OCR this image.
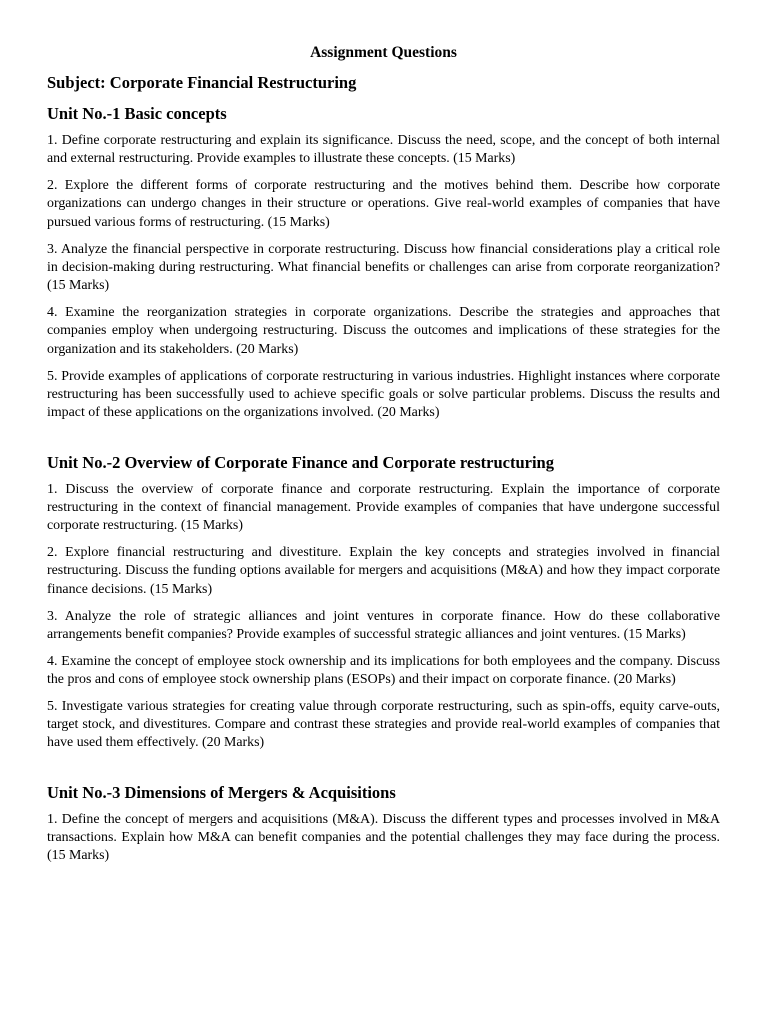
Assignment Questions
Subject: Corporate Financial Restructuring
Unit No.-1 Basic concepts

1. Define corporate restructuring and explain its significance. Discuss the need, scope, and the concept of both internal and external restructuring. Provide examples to illustrate these concepts. (15 Marks)

2. Explore the different forms of corporate restructuring and the motives behind them. Describe how corporate organizations can undergo changes in their structure or operations. Give real-world examples of companies that have pursued various forms of restructuring. (15 Marks)

3. Analyze the financial perspective in corporate restructuring. Discuss how financial considerations play a critical role in decision-making during restructuring. What financial benefits or challenges can arise from corporate reorganization? (15 Marks)

4. Examine the reorganization strategies in corporate organizations. Describe the strategies and approaches that companies employ when undergoing restructuring. Discuss the outcomes and implications of these strategies for the organization and its stakeholders. (20 Marks)

5. Provide examples of applications of corporate restructuring in various industries. Highlight instances where corporate restructuring has been successfully used to achieve specific goals or solve particular problems. Discuss the results and impact of these applications on the organizations involved. (20 Marks)

Unit No.-2 Overview of Corporate Finance and Corporate restructuring

1. Discuss the overview of corporate finance and corporate restructuring. Explain the importance of corporate restructuring in the context of financial management. Provide examples of companies that have undergone successful corporate restructuring. (15 Marks)

2. Explore financial restructuring and divestiture. Explain the key concepts and strategies involved in financial restructuring. Discuss the funding options available for mergers and acquisitions (M&A) and how they impact corporate finance decisions. (15 Marks)

3. Analyze the role of strategic alliances and joint ventures in corporate finance. How do these collaborative arrangements benefit companies? Provide examples of successful strategic alliances and joint ventures. (15 Marks)

4. Examine the concept of employee stock ownership and its implications for both employees and the company. Discuss the pros and cons of employee stock ownership plans (ESOPs) and their impact on corporate finance. (20 Marks)

5. Investigate various strategies for creating value through corporate restructuring, such as spin-offs, equity carve-outs, target stock, and divestitures. Compare and contrast these strategies and provide real-world examples of companies that have used them effectively. (20 Marks)

Unit No.-3 Dimensions of Mergers & Acquisitions

1. Define the concept of mergers and acquisitions (M&A). Discuss the different types and processes involved in M&A transactions. Explain how M&A can benefit companies and the potential challenges they may face during the process. (15 Marks)
